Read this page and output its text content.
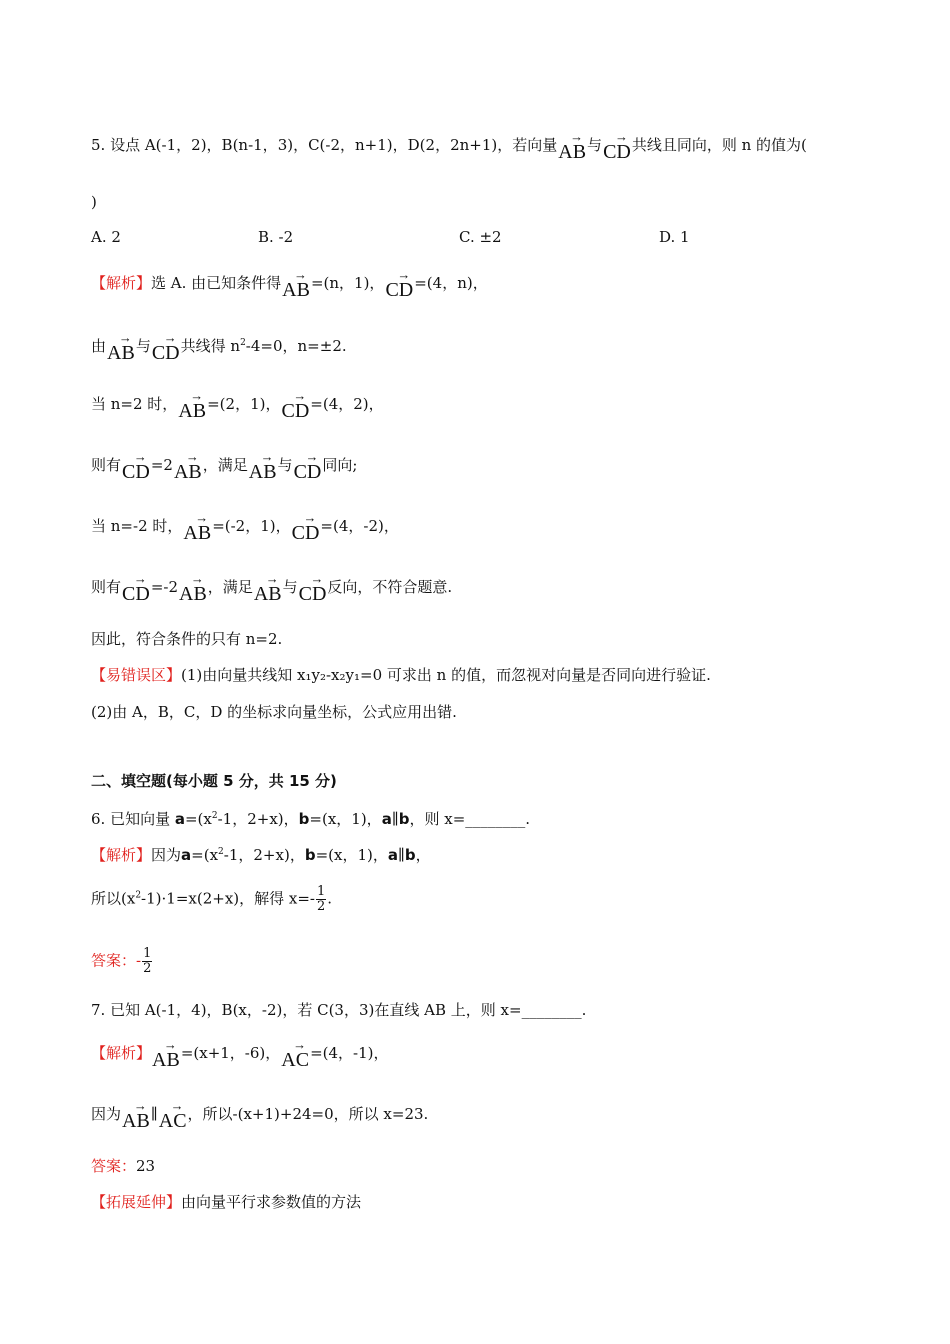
5. 设点 A(-1，2)，B(n-1，3)，C(-2，n+1)，D(2，2n+1)，若向量 →
AB与 →
CD共线且同向，则 n 的值为(
)
A. 2	B. -2	C. ±2	D. 1
【解析】选 A. 由已知条件得 →
AB=(n，1)， →
CD=(4，n)，
由 →
AB与 →
CD共线得 $n^2-4=0$，n=±2.
当 n=2 时， →
AB=(2，1)， →
CD=(4，2)，
则有 →
CD=2 →
AB，满足 →
AB与 →
CD同向;
当 n=-2 时， →
AB=(-2，1)， →
CD=(4，-2)，
则有 →
CD=-2 →
AB，满足 →
AB与 →
CD反向，不符合题意.
因此，符合条件的只有 n=2.
【易错误区】(1)由向量共线知 x₁y₂-x₂y₁=0 可求出 n 的值，而忽视对向量是否同向进行验证.
(2)由 A，B，C，D 的坐标求向量坐标，公式应用出错.
二、填空题(每小题 5 分，共 15 分)
6. 已知向量 $a=(x^2-1$，2+x)，b=(x，1)，a∥b，则 x=________.
【解析】因为$a=(x^2-1$，2+x)，b=(x，1)，a∥b，
所以$(x^2-1)\cdot 1=x(2+x)$，解得 $x=- \frac{1}{2}$ .
答案：- $\frac{1}{2}$
7. 已知 A(-1，4)，B(x，-2)，若 C(3，3)在直线 AB 上，则 x=________.
【解析】 →
AB=(x+1，-6)， →
AC=(4，-1)，
因为 →
AB∥ →
AC，所以-(x+1)+24=0，所以 x=23.
答案：23
【拓展延伸】由向量平行求参数值的方法
